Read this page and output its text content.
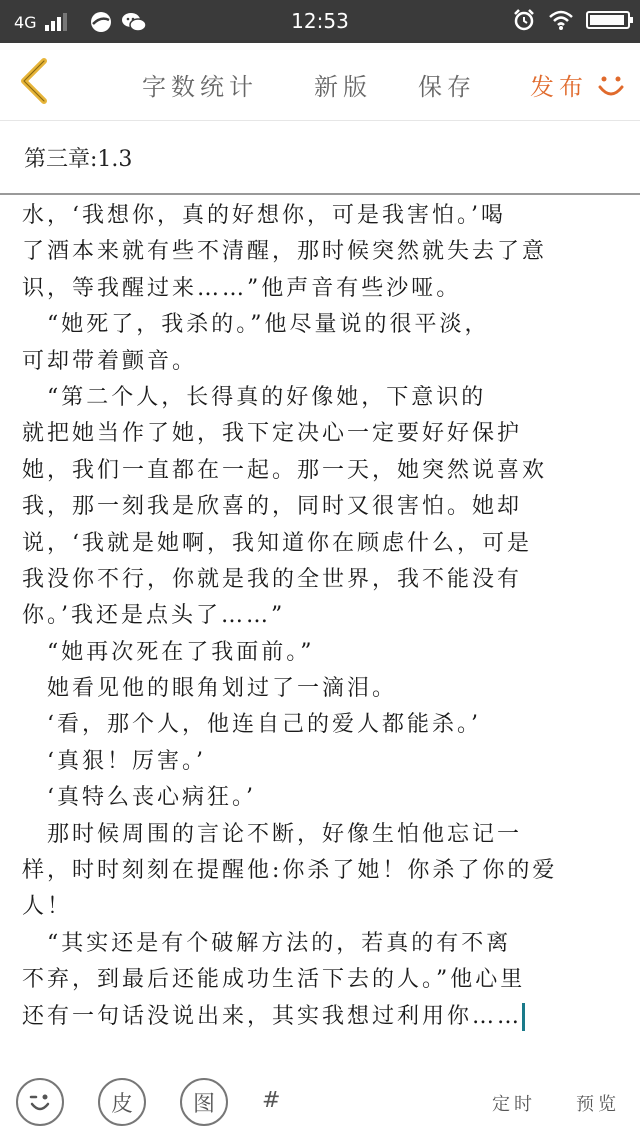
4G	12:53
字数统计 新版 保存 发布
第三章:1.3
水，‘我想你，真的好想你，可是我害怕。’喝
了酒本来就有些不清醒，那时候突然就失去了意
识，等我醒过来……”他声音有些沙哑。
　“她死了，我杀的。”他尽量说的很平淡，
可却带着颤音。
　“第二个人，长得真的好像她，下意识的
就把她当作了她，我下定决心一定要好好保护
她，我们一直都在一起。那一天，她突然说喜欢
我，那一刻我是欣喜的，同时又很害怕。她却
说，‘我就是她啊，我知道你在顾虑什么，可是
我没你不行，你就是我的全世界，我不能没有
你。’我还是点头了……”
　“她再次死在了我面前。”
　她看见他的眼角划过了一滴泪。
　‘看，那个人，他连自己的爱人都能杀。’
　‘真狠！厉害。’
　‘真特么丧心病狂。’
　那时候周围的言论不断，好像生怕他忘记一
样，时时刻刻在提醒他:你杀了她！你杀了你的爱
人！
　“其实还是有个破解方法的，若真的有不离
不弃，到最后还能成功生活下去的人。”他心里
还有一句话没说出来，其实我想过利用你……
皮	图	#	定时 预览
